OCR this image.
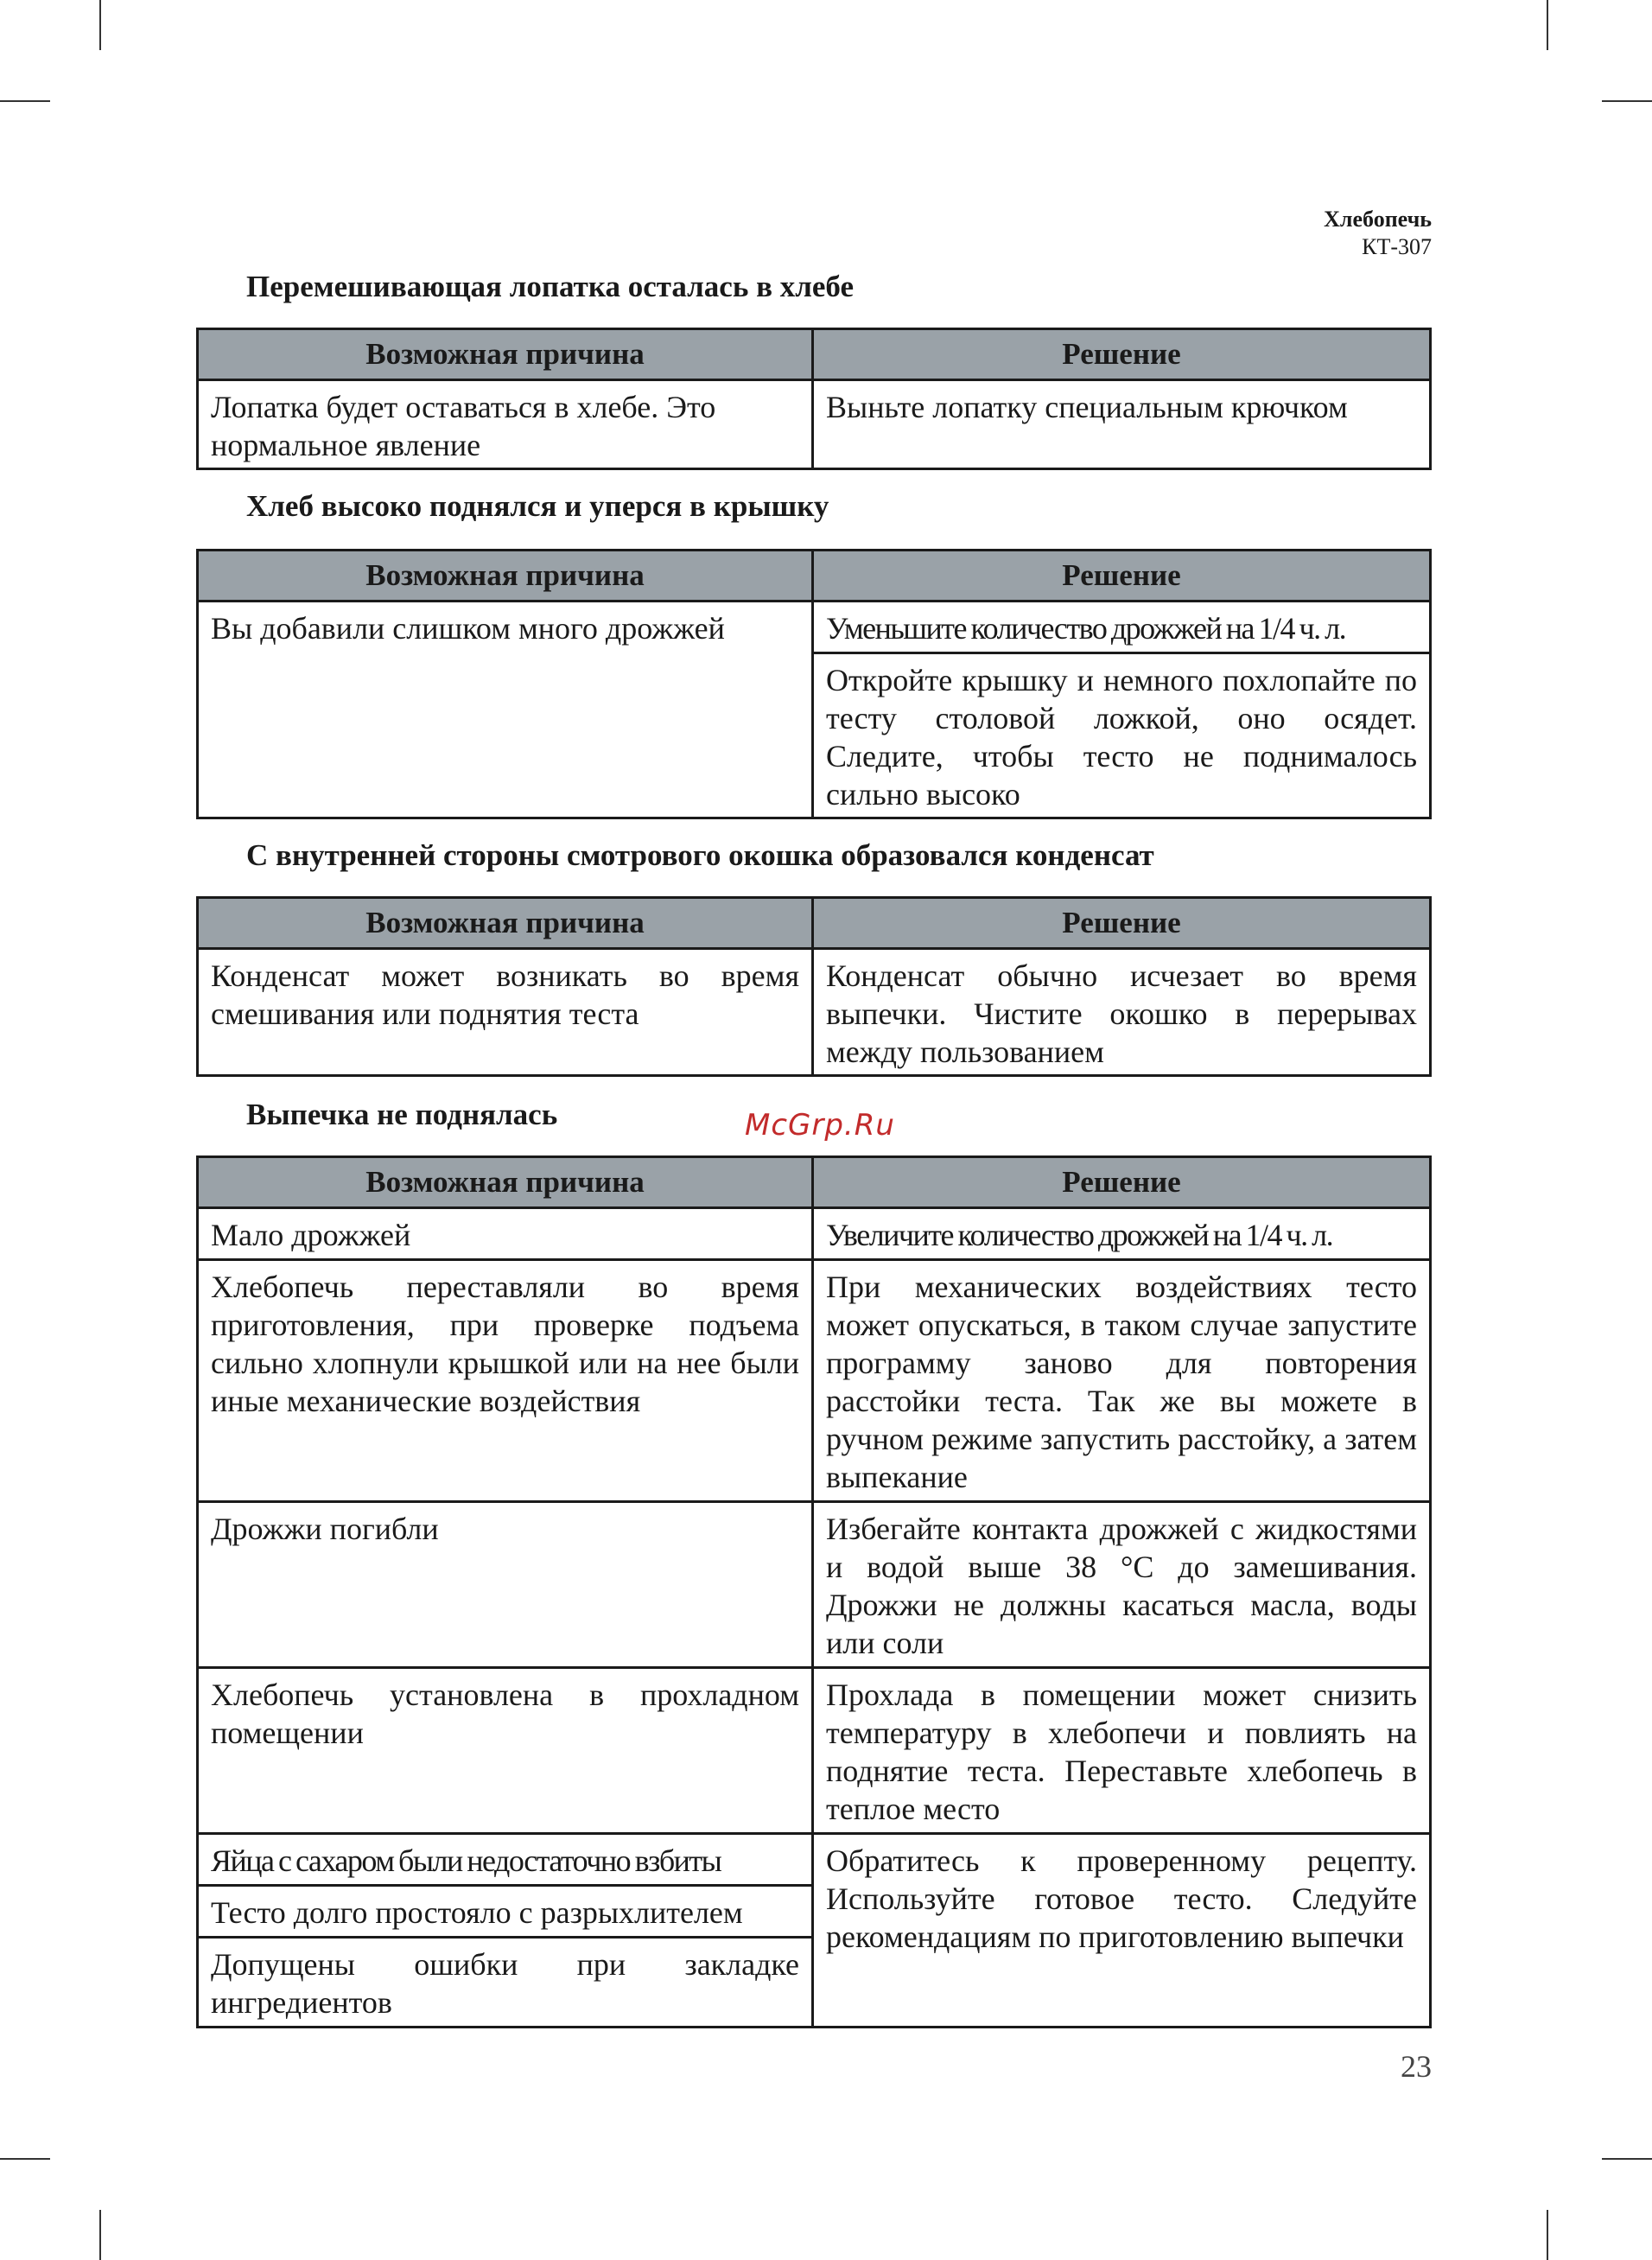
Хлебопечь
КТ-307
Перемешивающая лопатка осталась в хлебе
Возможная причина	Решение
Лопатка будет оставаться в хлебе. Это нормальное явление	Выньте лопатку специальным крючком
Хлеб высоко поднялся и уперся в крышку
Возможная причина	Решение
Вы добавили слишком много дрожжей	Уменьшите количество дрожжей на 1/4 ч. л.
	Откройте крышку и немного похлопайте по тесту столовой ложкой, оно осядет. Следите, чтобы тесто не поднималось сильно высоко
С внутренней стороны смотрового окошка образовался конденсат
Возможная причина	Решение
Конденсат может возникать во время смешивания или поднятия теста	Конденсат обычно исчезает во время выпечки. Чистите окошко в перерывах между пользованием
Выпечка не поднялась	McGrp.Ru
Возможная причина	Решение
Мало дрожжей	Увеличите количество дрожжей на 1/4 ч. л.
Хлебопечь переставляли во время приготовления, при проверке подъема сильно хлопнули крышкой или на нее были иные механические воздействия	При механических воздействиях тесто может опускаться, в таком случае запустите программу заново для повторения расстойки теста. Так же вы можете в ручном режиме запустить расстойку, а затем выпекание
Дрожжи погибли	Избегайте контакта дрожжей с жидкостями и водой выше 38 °C до замешивания. Дрожжи не должны касаться масла, воды или соли
Хлебопечь установлена в прохладном помещении	Прохлада в помещении может снизить температуру в хлебопечи и повлиять на поднятие теста. Переставьте хлебопечь в теплое место
Яйца с сахаром были недостаточно взбиты	Обратитесь к проверенному рецепту. Используйте готовое тесто. Следуйте рекомендациям по приготовлению выпечки
Тесто долго простояло с разрыхлителем	
Допущены ошибки при закладке ингредиентов	
23
